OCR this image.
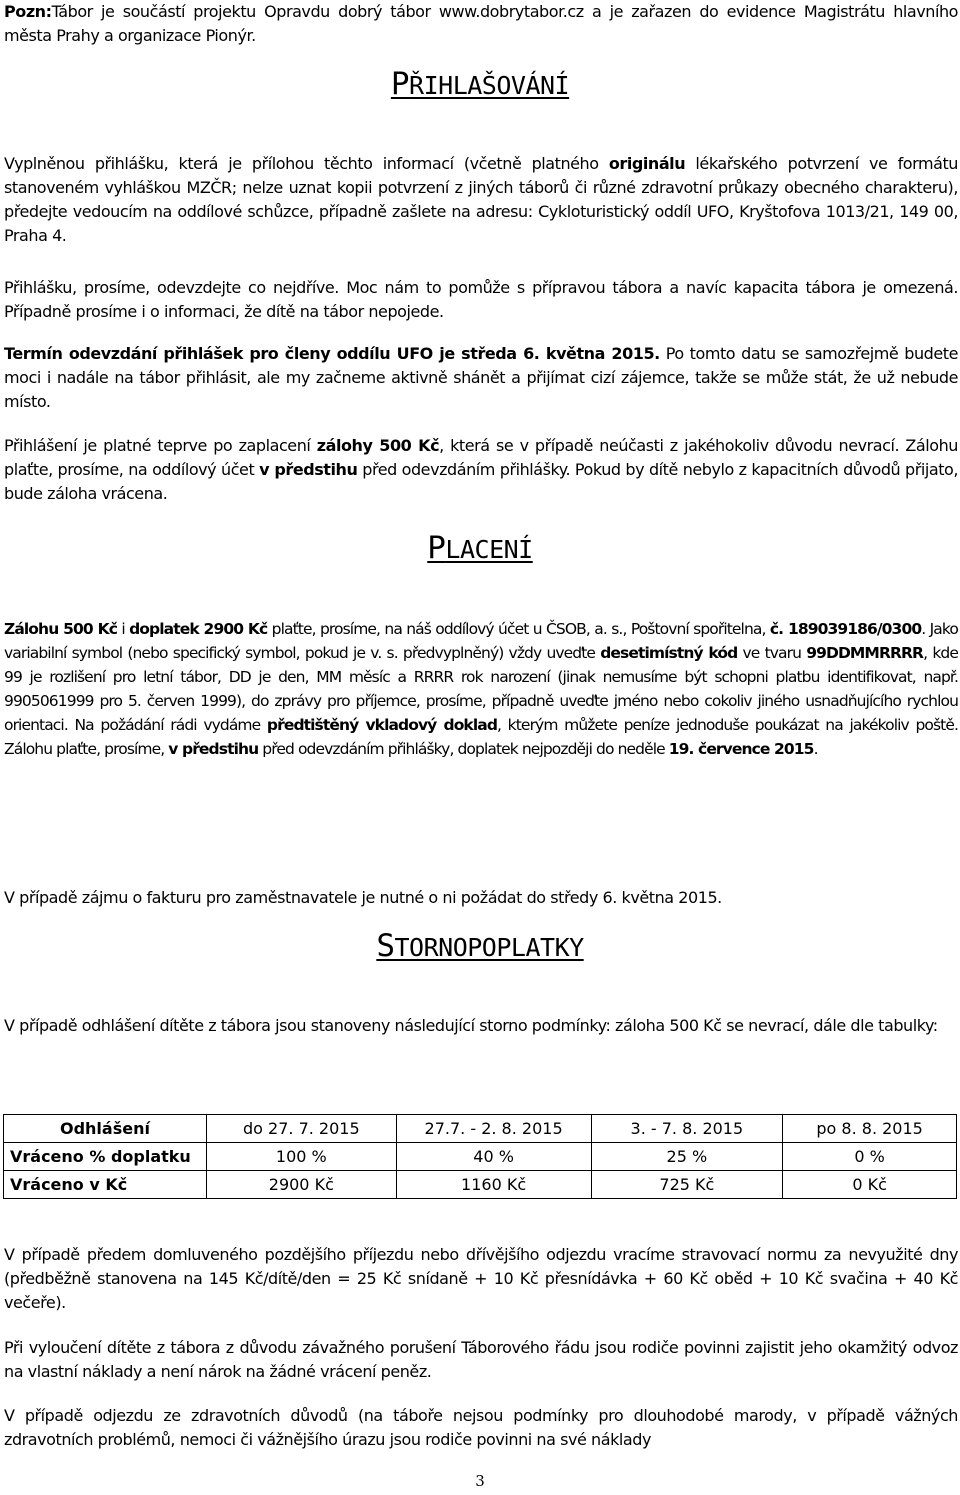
Pozn:Tábor je součástí projektu Opravdu dobrý tábor www.dobrytabor.cz a je zařazen do evidence Magistrátu hlavního města Prahy a organizace Pionýr.
PŘIHLAŠOVÁNÍ
Vyplněnou přihlášku, která je přílohou těchto informací (včetně platného originálu lékařského potvrzení ve formátu stanoveném vyhláškou MZČR; nelze uznat kopii potvrzení z jiných táborů či různé zdravotní průkazy obecného charakteru), předejte vedoucím na oddílové schůzce, případně zašlete na adresu: Cykloturistický oddíl UFO, Kryštofova 1013/21, 149 00, Praha 4.
Přihlášku, prosíme, odevzdejte co nejdříve. Moc nám to pomůže s přípravou tábora a navíc kapacita tábora je omezená. Případně prosíme i o informaci, že dítě na tábor nepojede.
Termín odevzdání přihlášek pro členy oddílu UFO je středa 6. května 2015. Po tomto datu se samozřejmě budete moci i nadále na tábor přihlásit, ale my začneme aktivně shánět a přijímat cizí zájemce, takže se může stát, že už nebude místo.
Přihlášení je platné teprve po zaplacení zálohy 500 Kč, která se v případě neúčasti z jakéhokoliv důvodu nevrací. Zálohu plaťte, prosíme, na oddílový účet v předstihu před odevzdáním přihlášky. Pokud by dítě nebylo z kapacitních důvodů přijato, bude záloha vrácena.
PLACENÍ
Zálohu 500 Kč i doplatek 2900 Kč plaťte, prosíme, na náš oddílový účet u ČSOB, a. s., Poštovní spořitelna, č. 189039186/0300. Jako variabilní symbol (nebo specifický symbol, pokud je v. s. předvyplněný) vždy uveďte desetimístný kód ve tvaru 99DDMMRRRR, kde 99 je rozlišení pro letní tábor, DD je den, MM měsíc a RRRR rok narození (jinak nemusíme být schopni platbu identifikovat, např. 9905061999 pro 5. červen 1999), do zprávy pro příjemce, prosíme, případně uveďte jméno nebo cokoliv jiného usnadňujícího rychlou orientaci. Na požádání rádi vydáme předtištěný vkladový doklad, kterým můžete peníze jednoduše poukázat na jakékoliv poště. Zálohu plaťte, prosíme, v předstihu před odevzdáním přihlášky, doplatek nejpozději do neděle 19. července 2015.
V případě zájmu o fakturu pro zaměstnavatele je nutné o ni požádat do středy 6. května 2015.
STORNOPOPLATKY
V případě odhlášení dítěte z tábora jsou stanoveny následující storno podmínky: záloha 500 Kč se nevrací, dále dle tabulky:
Odhlášení	do 27. 7. 2015	27.7. - 2. 8. 2015	3. - 7. 8. 2015	po 8. 8. 2015
Vráceno % doplatku	100 %	40 %	25 %	0 %
Vráceno v Kč	2900 Kč	1160 Kč	725 Kč	0 Kč
V případě předem domluveného pozdějšího příjezdu nebo dřívějšího odjezdu vracíme stravovací normu za nevyužité dny (předběžně stanovena na 145 Kč/dítě/den = 25 Kč snídaně + 10 Kč přesnídávka + 60 Kč oběd + 10 Kč svačina + 40 Kč večeře).
Při vyloučení dítěte z tábora z důvodu závažného porušení Táborového řádu jsou rodiče povinni zajistit jeho okamžitý odvoz na vlastní náklady a není nárok na žádné vrácení peněz.
V případě odjezdu ze zdravotních důvodů (na táboře nejsou podmínky pro dlouhodobé marody, v případě vážných zdravotních problémů, nemoci či vážnějšího úrazu jsou rodiče povinni na své náklady
3
